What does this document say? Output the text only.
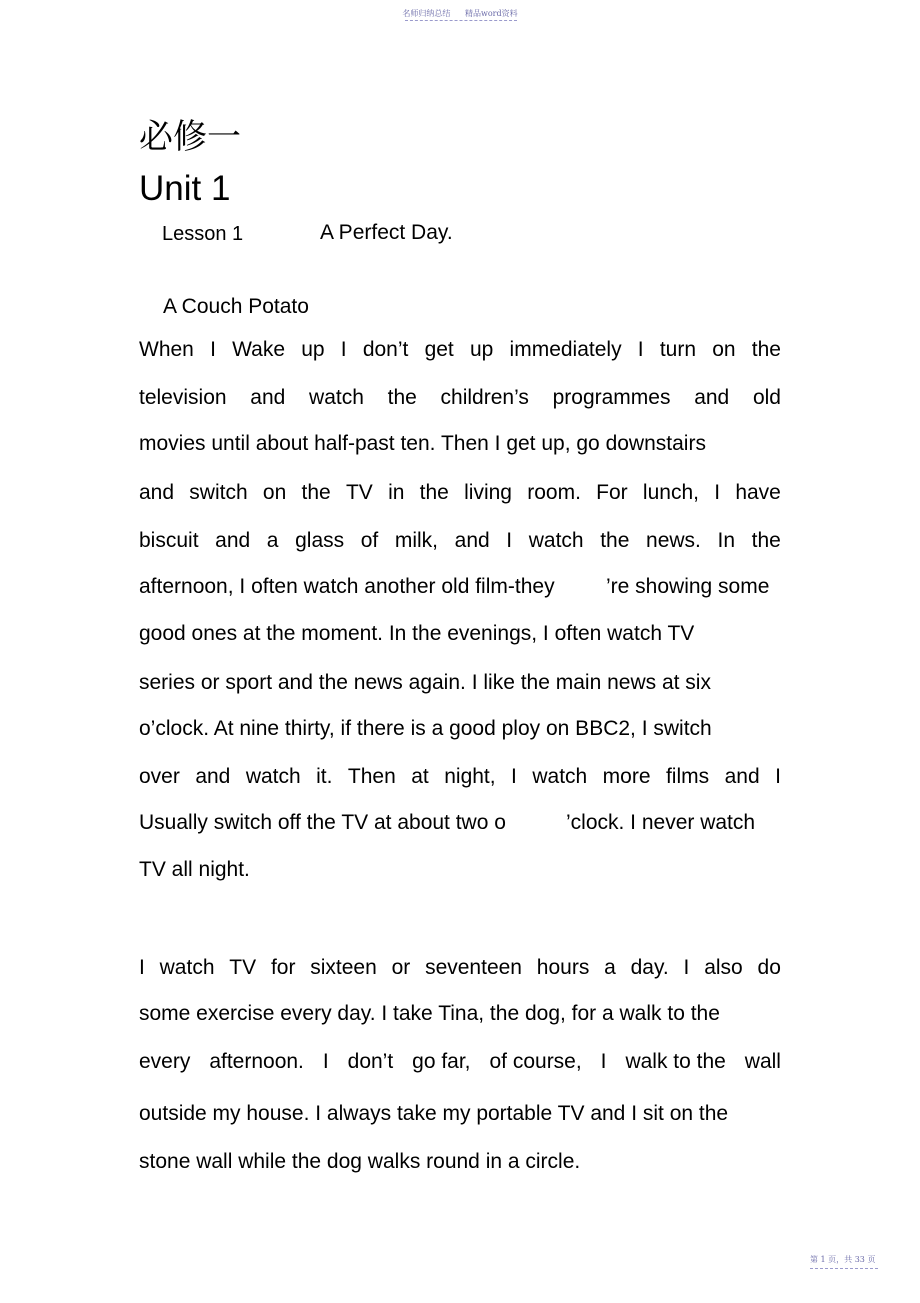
名师归纳总结 精品word资料
必修一
Unit 1
Lesson 1	A Perfect Day.
A Couch Potato
When I Wake up I don’t get up immediately I turn on the
television and watch the children’s programmes and old
movies until about half-past ten. Then I get up, go downstairs
and switch on the TV in the living room. For lunch, I have
biscuit and a glass of milk, and I watch the news. In the
afternoon, I often watch another old film-they ’re showing some
good ones at the moment. In the evenings, I often watch TV
series or sport and the news again. I like the main news at six
o’clock. At nine thirty, if there is a good ploy on BBC2, I switch
over and watch it. Then at night, I watch more films and I
Usually switch off the TV at about two o	’clock. I never watch
TV all night.
I watch TV for sixteen or seventeen hours a day. I also do
some exercise every day. I take Tina, the dog, for a walk to the
every afternoon. I don’t go far, of course, I walk to the wall
outside my house. I always take my portable TV and I sit on the
stone wall while the dog walks round in a circle.
第 1 页，共 33 页
